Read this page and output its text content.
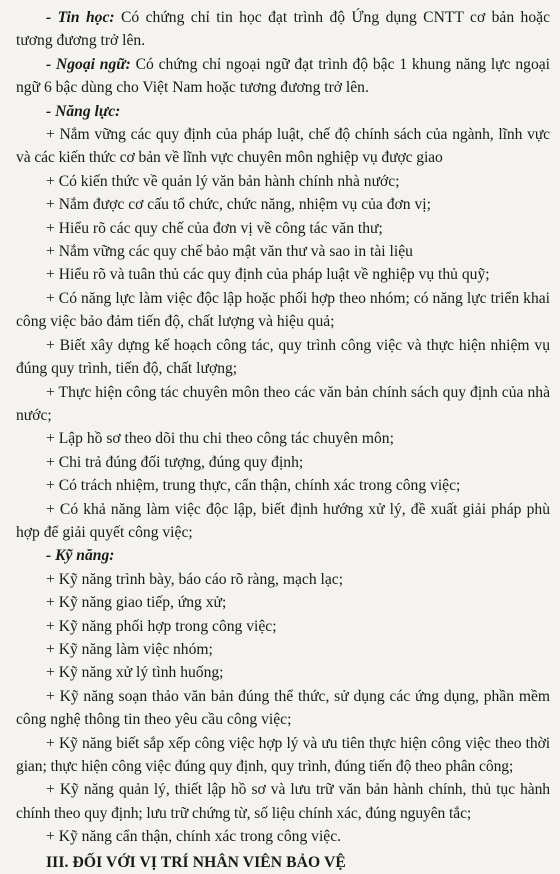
- Tin học: Có chứng chỉ tin học đạt trình độ Ứng dụng CNTT cơ bản hoặc tương đương trở lên.

- Ngoại ngữ: Có chứng chỉ ngoại ngữ đạt trình độ bậc 1 khung năng lực ngoại ngữ 6 bậc dùng cho Việt Nam hoặc tương đương trở lên.

- Năng lực:

+ Nắm vững các quy định của pháp luật, chế độ chính sách của ngành, lĩnh vực và các kiến thức cơ bản về lĩnh vực chuyên môn nghiệp vụ được giao

+ Có kiến thức về quản lý văn bản hành chính nhà nước;

+ Nắm được cơ cấu tổ chức, chức năng, nhiệm vụ của đơn vị;

+ Hiểu rõ các quy chế của đơn vị về công tác văn thư;

+ Nắm vững các quy chế bảo mật văn thư và sao in tài liệu

+ Hiểu rõ và tuân thủ các quy định của pháp luật về nghiệp vụ thủ quỹ;

+ Có năng lực làm việc độc lập hoặc phối hợp theo nhóm; có năng lực triển khai công việc bảo đảm tiến độ, chất lượng và hiệu quả;

+ Biết xây dựng kế hoạch công tác, quy trình công việc và thực hiện nhiệm vụ đúng quy trình, tiến độ, chất lượng;

+ Thực hiện công tác chuyên môn theo các văn bản chính sách quy định của nhà nước;

+ Lập hồ sơ theo dõi thu chi theo công tác chuyên môn;

+ Chi trả đúng đối tượng, đúng quy định;

+ Có trách nhiệm, trung thực, cẩn thận, chính xác trong công việc;

+ Có khả năng làm việc độc lập, biết định hướng xử lý, đề xuất giải pháp phù hợp để giải quyết công việc;

- Kỹ năng:

+ Kỹ năng trình bày, báo cáo rõ ràng, mạch lạc;

+ Kỹ năng giao tiếp, ứng xử;

+ Kỹ năng phối hợp trong công việc;

+ Kỹ năng làm việc nhóm;

+ Kỹ năng xử lý tình huống;

+ Kỹ năng soạn thảo văn bản đúng thể thức, sử dụng các ứng dụng, phần mềm công nghệ thông tin theo yêu cầu công việc;

+ Kỹ năng biết sắp xếp công việc hợp lý và ưu tiên thực hiện công việc theo thời gian; thực hiện công việc đúng quy định, quy trình, đúng tiến độ theo phân công;

+ Kỹ năng quản lý, thiết lập hồ sơ và lưu trữ văn bản hành chính, thủ tục hành chính theo quy định; lưu trữ chứng từ, số liệu chính xác, đúng nguyên tắc;

+ Kỹ năng cẩn thận, chính xác trong công việc.

III. ĐỐI VỚI VỊ TRÍ NHÂN VIÊN BẢO VỆ
